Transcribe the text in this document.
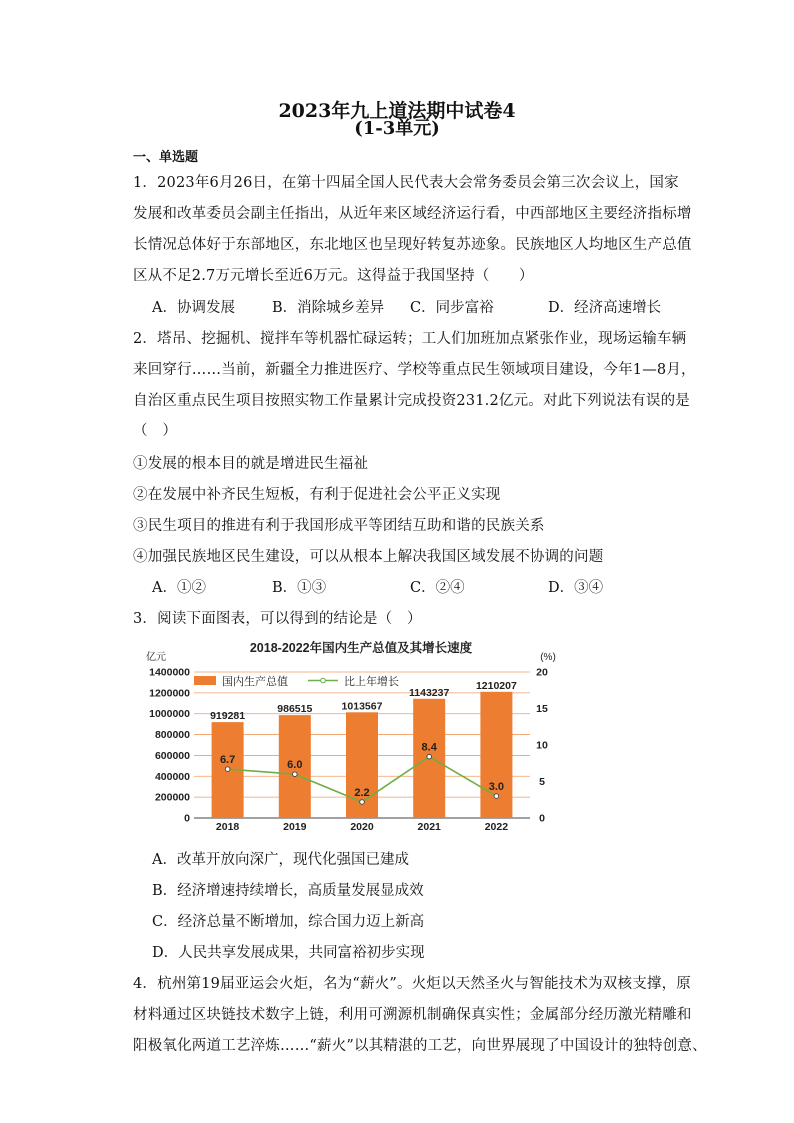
2023年九上道法期中试卷4
(1-3单元)
一、单选题
1．2023年6月26日，在第十四届全国人民代表大会常务委员会第三次会议上，国家
发展和改革委员会副主任指出，从近年来区域经济运行看，中西部地区主要经济指标增
长情况总体好于东部地区，东北地区也呈现好转复苏迹象。民族地区人均地区生产总值
区从不足2.7万元增长至近6万元。这得益于我国坚持（　　）
A．协调发展	B．消除城乡差异 C．同步富裕	D．经济高速增长
2．塔吊、挖掘机、搅拌车等机器忙碌运转；工人们加班加点紧张作业，现场运输车辆
来回穿行……当前，新疆全力推进医疗、学校等重点民生领域项目建设，今年1—8月，
自治区重点民生项目按照实物工作量累计完成投资231.2亿元。对此下列说法有误的是
（　）
①发展的根本目的就是增进民生福祉
②在发展中补齐民生短板，有利于促进社会公平正义实现
③民生项目的推进有利于我国形成平等团结互助和谐的民族关系
④加强民族地区民生建设，可以从根本上解决我国区域发展不协调的问题
A．①②	B．①③	C．②④	D．③④
3．阅读下面图表，可以得到的结论是（　）
2018-2022年国内生产总值及其增长速度
亿元	(%)
919281
986515	1013567
1143237
1210207
0
200000
400000
600000
800000
1000000
1200000
1400000
0
5
10
15
20
2018	2019	2020	2021	2022
6.7	6.0
2.2
8.4
3.0
国内生产总值	比上年增长
A．改革开放向深广，现代化强国已建成
B．经济增速持续增长，高质量发展显成效
C．经济总量不断增加，综合国力迈上新高
D．人民共享发展成果，共同富裕初步实现
4．杭州第19届亚运会火炬，名为“薪火”。火炬以天然圣火与智能技术为双核支撑，原
材料通过区块链技术数字上链，利用可溯源机制确保真实性；金属部分经历激光精雕和
阳极氧化两道工艺淬炼……“薪火”以其精湛的工艺，向世界展现了中国设计的独特创意、
